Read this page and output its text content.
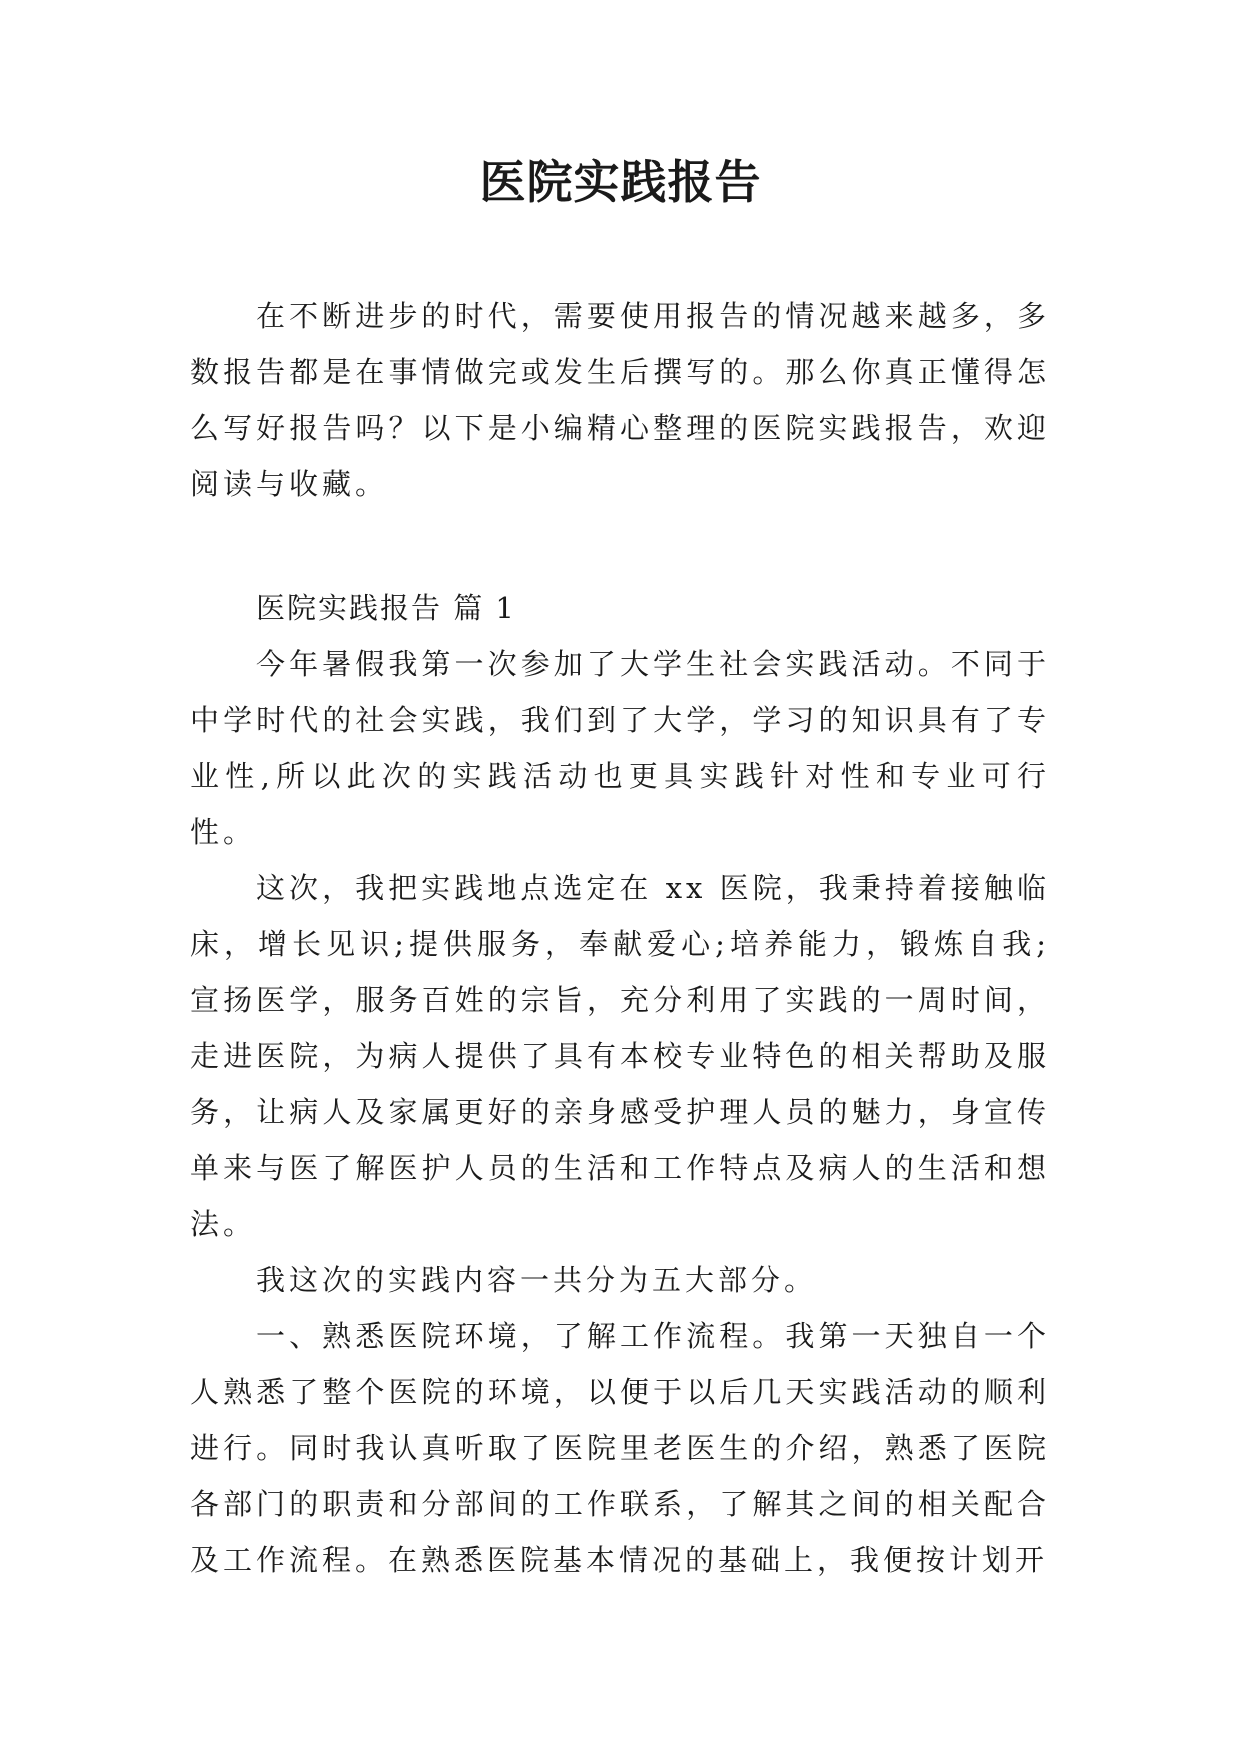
医院实践报告

在不断进步的时代，需要使用报告的情况越来越多，多数报告都是在事情做完或发生后撰写的。那么你真正懂得怎么写好报告吗？以下是小编精心整理的医院实践报告，欢迎阅读与收藏。

医院实践报告 篇 1

今年暑假我第一次参加了大学生社会实践活动。不同于中学时代的社会实践，我们到了大学，学习的知识具有了专业性,所以此次的实践活动也更具实践针对性和专业可行性。

这次，我把实践地点选定在 xx 医院，我秉持着接触临床，增长见识;提供服务，奉献爱心;培养能力，锻炼自我;宣扬医学，服务百姓的宗旨，充分利用了实践的一周时间，走进医院，为病人提供了具有本校专业特色的相关帮助及服务，让病人及家属更好的亲身感受护理人员的魅力，身宣传单来与医了解医护人员的生活和工作特点及病人的生活和想法。

我这次的实践内容一共分为五大部分。

一、熟悉医院环境，了解工作流程。我第一天独自一个人熟悉了整个医院的环境，以便于以后几天实践活动的顺利进行。同时我认真听取了医院里老医生的介绍，熟悉了医院各部门的职责和分部间的工作联系，了解其之间的相关配合及工作流程。在熟悉医院基本情况的基础上，我便按计划开
